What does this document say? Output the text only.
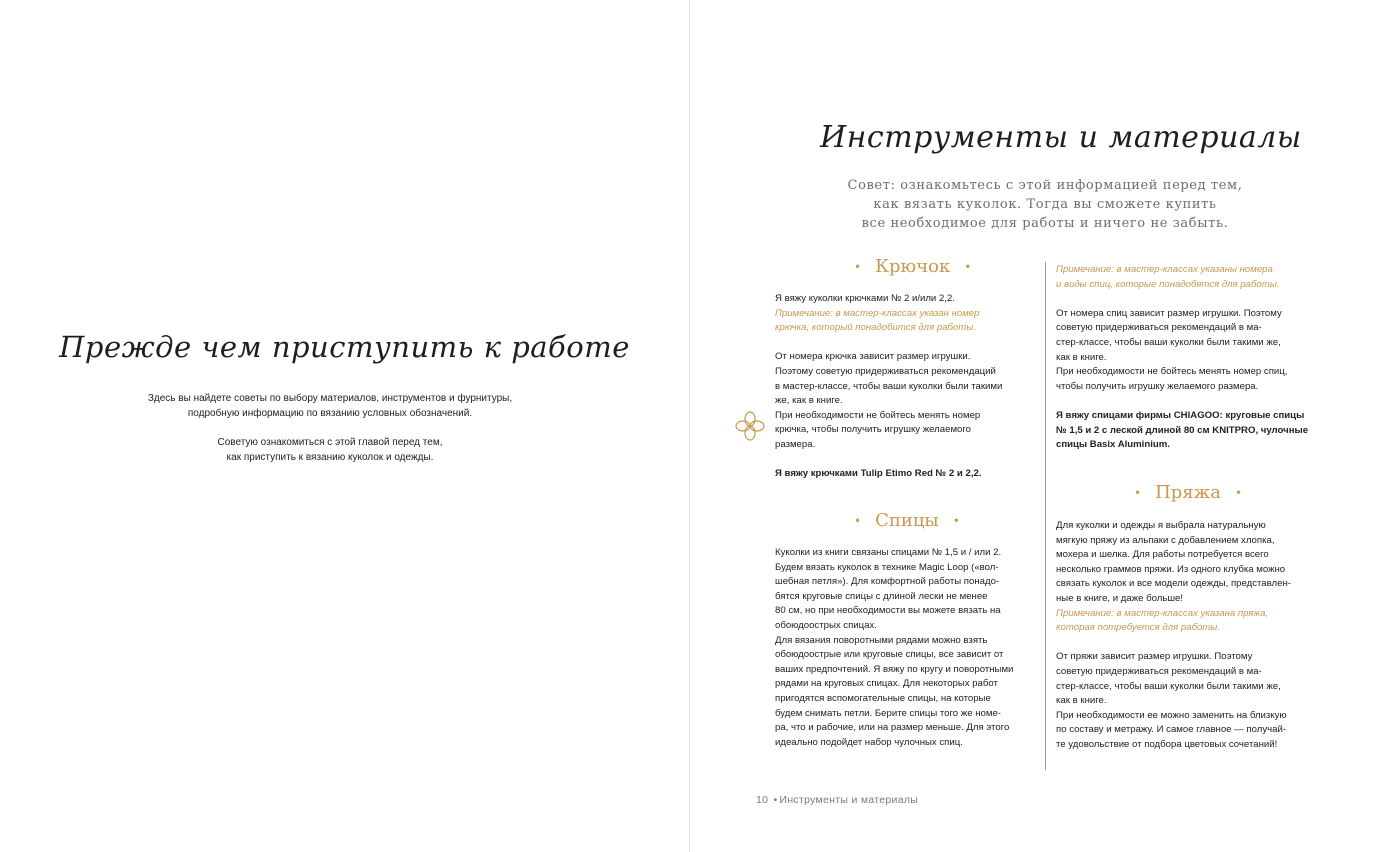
Прежде чем приступить к работе

Здесь вы найдете советы по выбору материалов, инструментов и фурнитуры,
подробную информацию по вязанию условных обозначений.

Советую ознакомиться с этой главой перед тем,
как приступить к вязанию куколок и одежды.

Инструменты и материалы
Совет: ознакомьтесь с этой информацией перед тем,
как вязать куколок. Тогда вы сможете купить
все необходимое для работы и ничего не забыть.
• Крючок •

Я вяжу куколки крючками № 2 и/или 2,2.

Примечание: в мастер-классах указан номер

крючка, который понадобится для работы.

От номера крючка зависит размер игрушки.

Поэтому советую придерживаться рекомендаций

в мастер-классе, чтобы ваши куколки были такими

же, как в книге.

При необходимости не бойтесь менять номер

крючка, чтобы получить игрушку желаемого

размера.

Я вяжу крючками Tulip Etimo Red № 2 и 2,2.

• Спицы •

Куколки из книги связаны спицами № 1,5 и / или 2.

Будем вязать куколок в технике Magic Loop («вол-

шебная петля»). Для комфортной работы понадо-

бятся круговые спицы с длиной лески не менее

80 см, но при необходимости вы можете вязать на

обоюдоострых спицах.

Для вязания поворотными рядами можно взять

обоюдоострые или круговые спицы, все зависит от

ваших предпочтений. Я вяжу по кругу и поворотными

рядами на круговых спицах. Для некоторых работ

пригодятся вспомогательные спицы, на которые

будем снимать петли. Берите спицы того же номе-

ра, что и рабочие, или на размер меньше. Для этого

идеально подойдет набор чулочных спиц.

Примечание: в мастер-классах указаны номера

и виды спиц, которые понадобятся для работы.

От номера спиц зависит размер игрушки. Поэтому

советую придерживаться рекомендаций в ма-

стер-классе, чтобы ваши куколки были такими же,

как в книге.

При необходимости не бойтесь менять номер спиц,

чтобы получить игрушку желаемого размера.

Я вяжу спицами фирмы CHIAGOO: круговые спицы

№ 1,5 и 2 с леской длиной 80 см KNITPRO, чулочные

спицы Basix Aluminium.

• Пряжа •

Для куколки и одежды я выбрала натуральную

мягкую пряжу из альпаки с добавлением хлопка,

мохера и шелка. Для работы потребуется всего

несколько граммов пряжи. Из одного клубка можно

связать куколок и все модели одежды, представлен-

ные в книге, и даже больше!

Примечание: в мастер-классах указана пряжа,

которая потребуется для работы.

От пряжи зависит размер игрушки. Поэтому

советую придерживаться рекомендаций в ма-

стер-классе, чтобы ваши куколки были такими же,

как в книге.

При необходимости ее можно заменить на близкую

по составу и метражу. И самое главное — получай-

те удовольствие от подбора цветовых сочетаний!

10 • Инструменты и материалы
